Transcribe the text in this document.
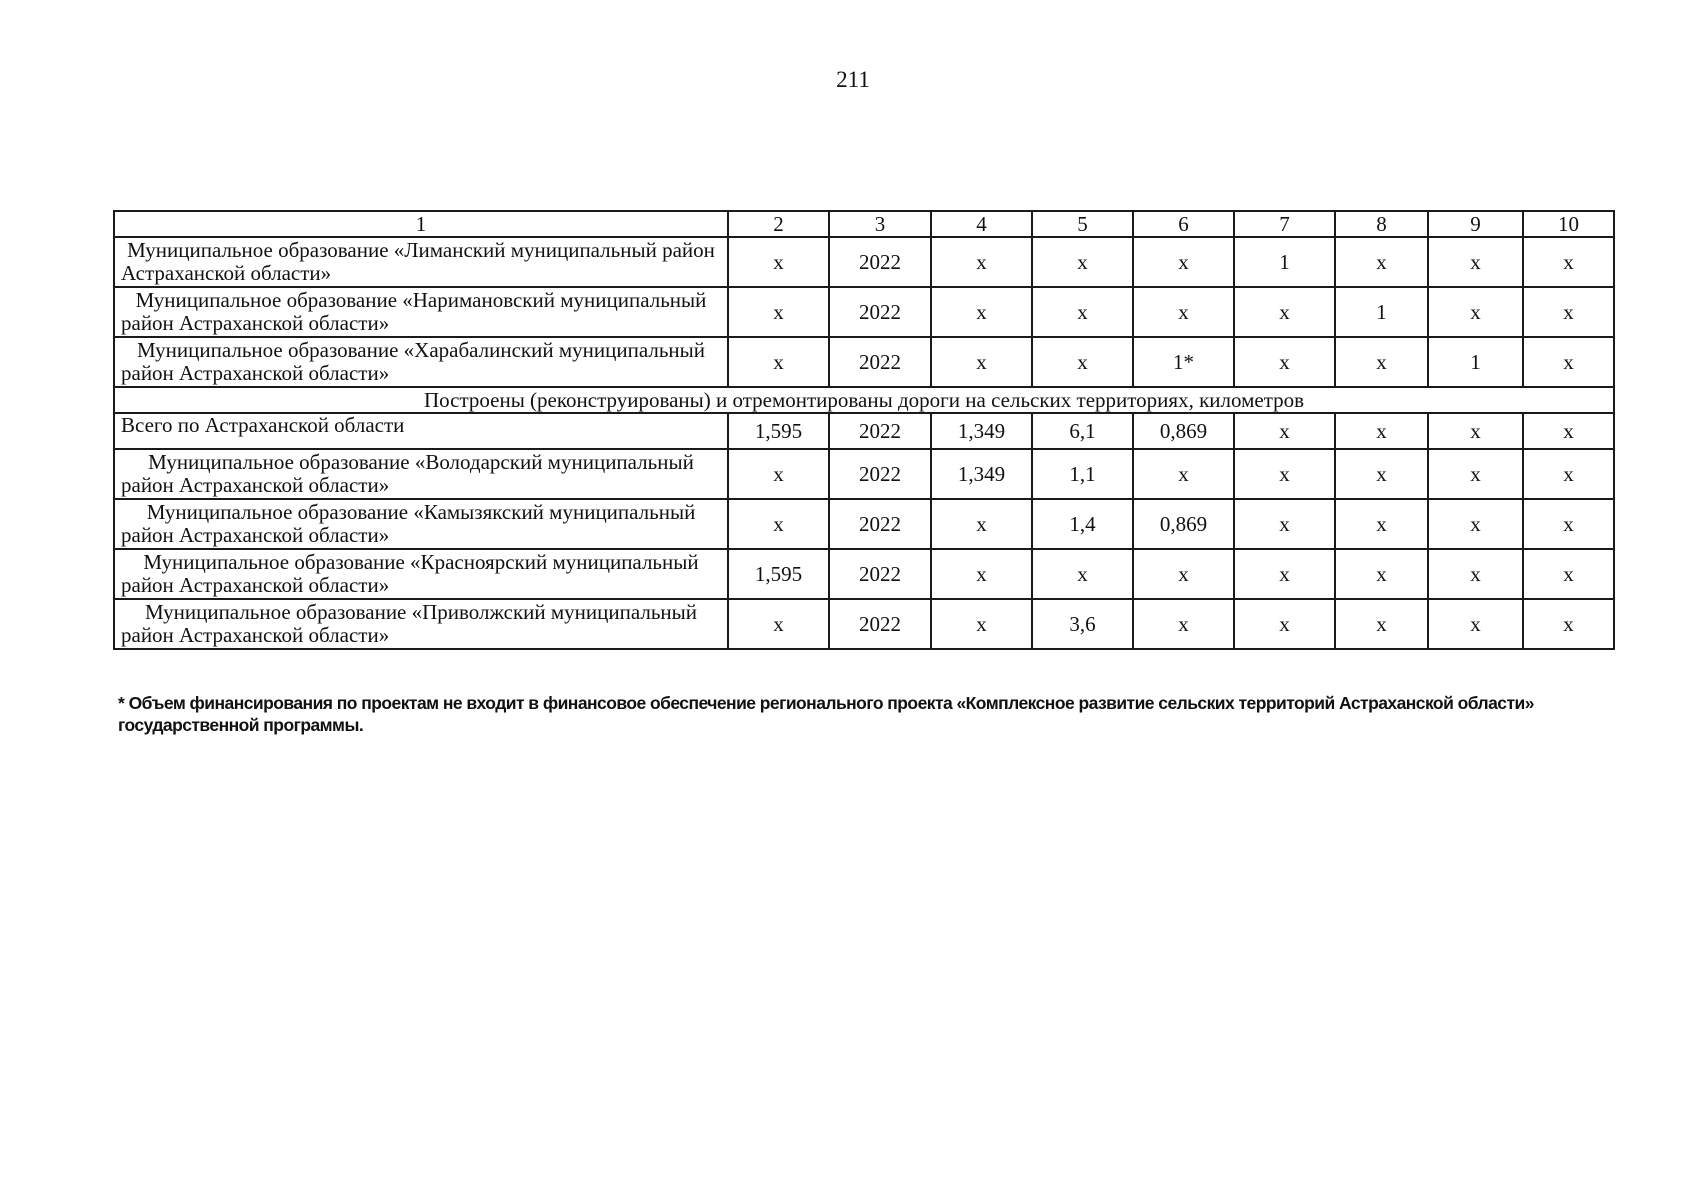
211
1	2	3	4	5	6	7	8	9	10
Муниципальное образование «Лиманский муниципальный район Астраханской области»	х	2022	х	х	х	1	х	х	х
Муниципальное образование «Наримановский муниципальный район Астраханской области»	х	2022	х	х	х	х	1	х	х
Муниципальное образование «Харабалинский муниципальный район Астраханской области»	х	2022	х	х	1*	х	х	1	х
Построены (реконструированы) и отремонтированы дороги на сельских территориях, километров									
Всего по Астраханской области	1,595	2022	1,349	6,1	0,869	х	х	х	х
Муниципальное образование «Володарский муниципальный район Астраханской области»	х	2022	1,349	1,1	х	х	х	х	х
Муниципальное образование «Камызякский муниципальный район Астраханской области»	х	2022	х	1,4	0,869	х	х	х	х
Муниципальное образование «Красноярский муниципальный район Астраханской области»	1,595	2022	х	х	х	х	х	х	х
Муниципальное образование «Приволжский муниципальный район Астраханской области»	х	2022	х	3,6	х	х	х	х	х
* Объем финансирования по проектам не входит в финансовое обеспечение регионального проекта «Комплексное развитие сельских территорий Астраханской области» государственной программы.
